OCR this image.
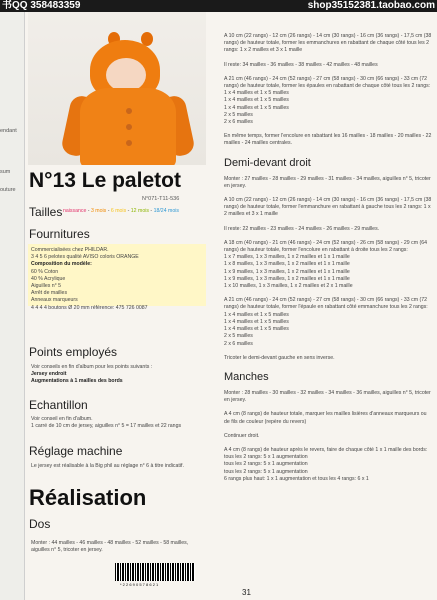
书QQ 358483359	shop35152381.taobao.com
endant
sum
outure N°13 Le paletot
N°071-T11-536
Tailles naissance - 3 mois - 6 mois - 12 mois - 18/24 mois
Fournitures
Commercialisées chez PHILDAR.
3 4 5 6 pelotes qualité AVISO coloris ORANGE
Composition du modèle:
60 % Coton
40 % Acrylique
Aiguilles n° 5
Arrêt de mailles
Anneaux marqueurs
4 4 4 4 boutons Ø 20 mm référence: 475 726 0087
Points employés
Voir conseils en fin d'album pour les points suivants :
Jersey endroit
Augmentations à 1 mailles des bords
Echantillon
Voir conseil en fin d'album.
1 carré de 10 cm de jersey, aiguilles n° 5 = 17 mailles et 22 rangs
Réglage machine
Le jersey est réalisable à la Big phil au réglage n° 6 à titre indicatif.
Réalisation
Dos
Monter : 44 mailles - 46 mailles - 48 mailles - 52 mailles - 58 mailles, aiguilles n° 5, tricoter en jersey.
* 2 2 6 9 0 5 7 8 6 2 1

A 10 cm (22 rangs) - 12 cm (26 rangs) - 14 cm (30 rangs) - 16 cm (36 rangs) - 17,5 cm (38 rangs) de hauteur totale, former les emmanchures en rabattant de chaque côté tous les 2 rangs: 1 x 2 mailles et 3 x 1 maille

Il reste: 34 mailles - 36 mailles - 38 mailles - 42 mailles - 48 mailles

A 21 cm (46 rangs) - 24 cm (52 rangs) - 27 cm (58 rangs) - 30 cm (66 rangs) - 33 cm (72 rangs) de hauteur totale, former les épaules en rabattant de chaque côté tous les 2 rangs:

1 x 4 mailles et 1 x 5 mailles

1 x 4 mailles et 1 x 5 mailles

1 x 4 mailles et 1 x 5 mailles

2 x 5 mailles

2 x 6 mailles

En même temps, former l'encolure en rabattant les 16 mailles - 18 mailles - 20 mailles - 22 mailles - 24 mailles centrales.

Demi-devant droit

Monter : 27 mailles - 28 mailles - 29 mailles - 31 mailles - 34 mailles, aiguilles n° 5, tricoter en jersey.

A 10 cm (22 rangs) - 12 cm (26 rangs) - 14 cm (30 rangs) - 16 cm (36 rangs) - 17,5 cm (38 rangs) de hauteur totale, former l'emmanchure en rabattant à gauche tous les 2 rangs: 1 x 2 mailles et 3 x 1 maille

Il reste: 22 mailles - 23 mailles - 24 mailles - 26 mailles - 29 mailles.

A 18 cm (40 rangs) - 21 cm (46 rangs) - 24 cm (52 rangs) - 26 cm (58 rangs) - 29 cm (64 rangs) de hauteur totale, former l'encolure en rabattant à droite tous les 2 rangs:

1 x 7 mailles, 1 x 3 mailles, 1 x 2 mailles et 1 x 1 maille

1 x 8 mailles, 1 x 3 mailles, 1 x 2 mailles et 1 x 1 maille

1 x 9 mailles, 1 x 3 mailles, 1 x 2 mailles et 1 x 1 maille

1 x 9 mailles, 1 x 3 mailles, 1 x 2 mailles et 1 x 1 maille

1 x 10 mailles, 1 x 3 mailles, 1 x 2 mailles et 2 x 1 maille

A 21 cm (46 rangs) - 24 cm (52 rangs) - 27 cm (58 rangs) - 30 cm (66 rangs) - 33 cm (72 rangs) de hauteur totale, former l'épaule en rabattant côté emmanchure tous les 2 rangs:

1 x 4 mailles et 1 x 5 mailles

1 x 4 mailles et 1 x 5 mailles

1 x 4 mailles et 1 x 5 mailles

2 x 5 mailles

2 x 6 mailles

Tricoter le demi-devant gauche en sens inverse.

Manches

Monter : 28 mailles - 30 mailles - 32 mailles - 34 mailles - 36 mailles, aiguilles n° 5, tricoter en jersey.

A 4 cm (8 rangs) de hauteur totale, marquer les mailles lisières d'anneaux marqueurs ou de fils de couleur (repère du revers)

Continuer droit.

A 4 cm (8 rangs) de hauteur après le revers, faire de chaque côté 1 x 1 maille des bords:

tous les 2 rangs: 5 x 1 augmentation

tous les 2 rangs: 5 x 1 augmentation

tous les 2 rangs: 5 x 1 augmentation

6 rangs plus haut: 1 x 1 augmentation et tous les 4 rangs: 6 x 1

31
